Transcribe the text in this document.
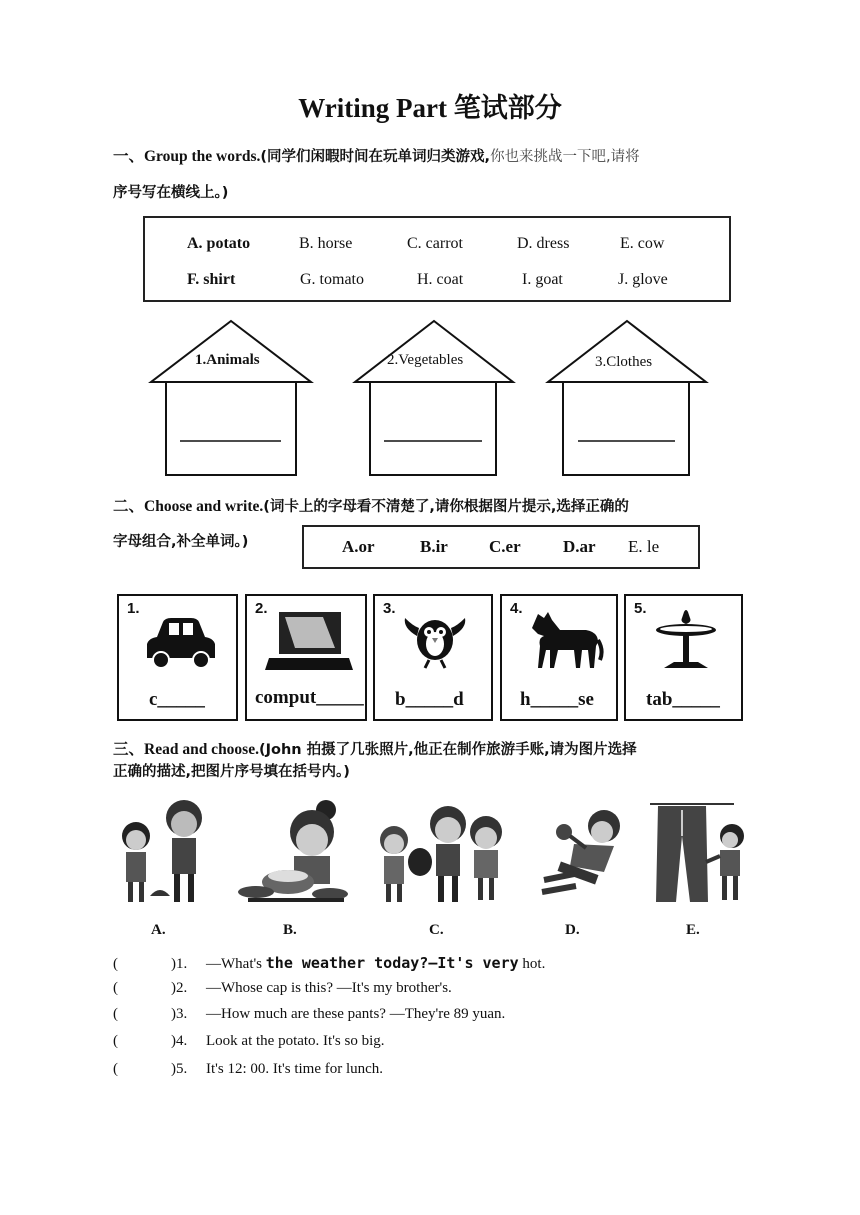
Writing Part 笔试部分
一、Group the words.(同学们闲暇时间在玩单词归类游戏,你也来挑战一下吧,请将
序号写在横线上。)
A. potato	B. horse	C. carrot	D. dress	E. cow
F. shirt	G. tomato	H. coat	I. goat	J. glove
1.Animals	2.Vegetables	3.Clothes
二、Choose and write.(词卡上的字母看不清楚了,请你根据图片提示,选择正确的
字母组合,补全单词。)	A.or	B.ir C.er D.ar E. le
1.
c_____
2.
comput_____
3.
b_____d
4.
h_____se
5.
tab_____
三、Read and choose.(John 拍摄了几张照片,他正在制作旅游手账,请为图片选择
正确的描述,把图片序号填在括号内。)
A.	B.	C.	D.	E.
(	)1. —What's the weather today?—It's very hot.
(	)2. —Whose cap is this? —It's my brother's.
(	)3. —How much are these pants? —They're 89 yuan.
(	)4. Look at the potato. It's so big.
(	)5. It's 12: 00. It's time for lunch.
